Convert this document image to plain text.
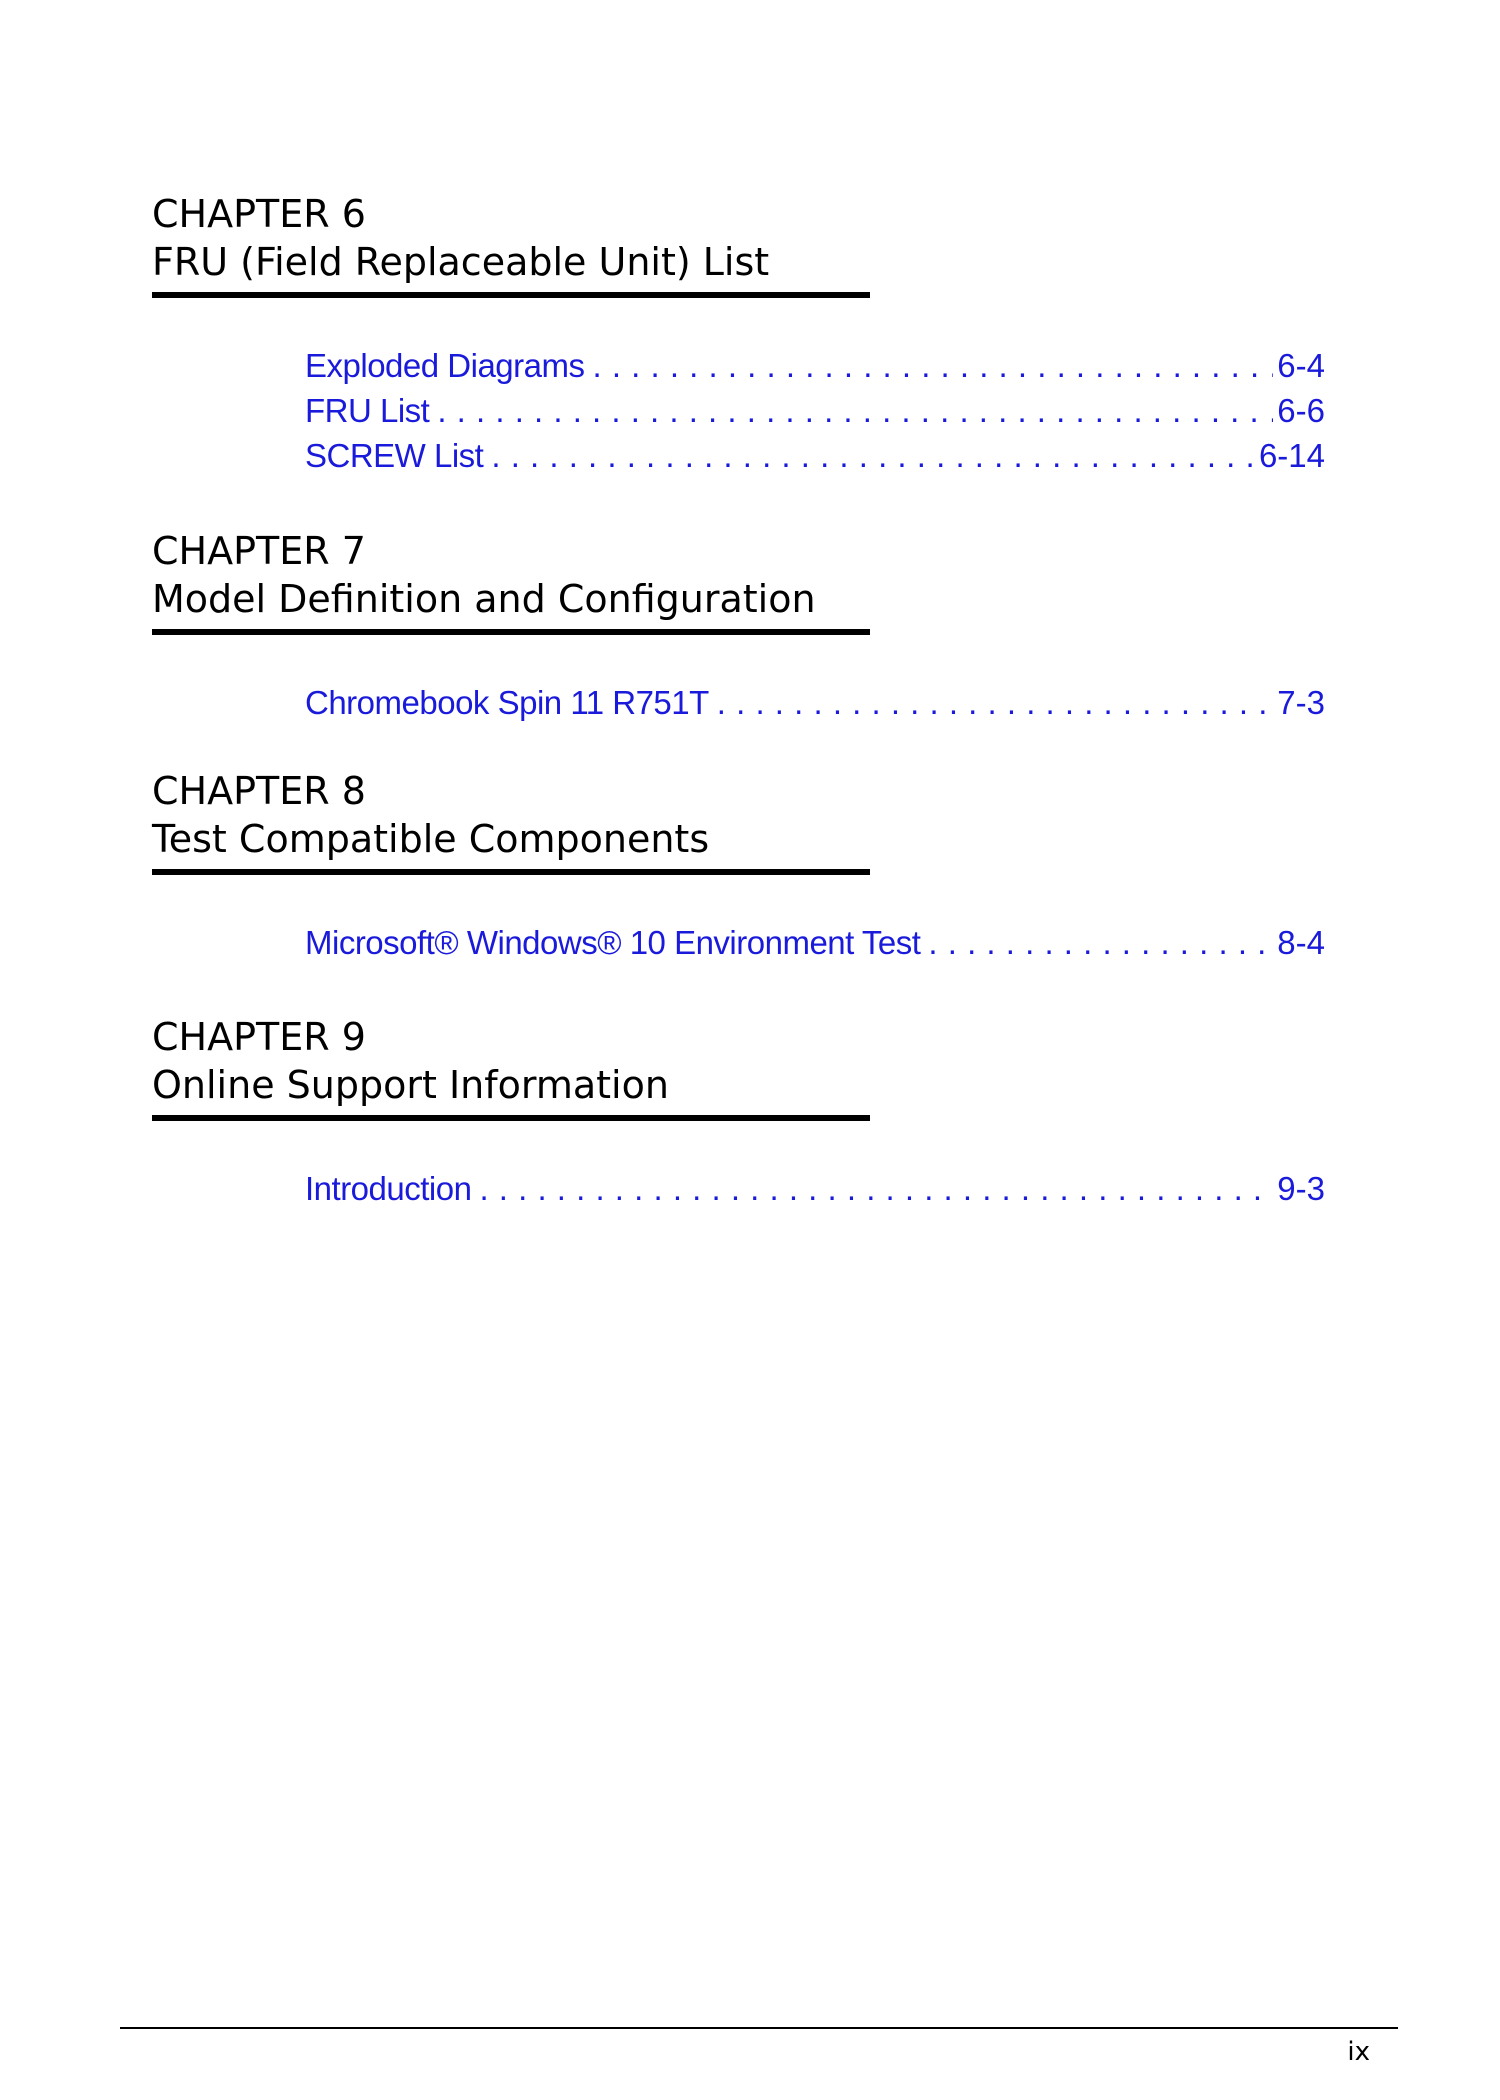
CHAPTER 6
FRU (Field Replaceable Unit) List
Exploded Diagrams . . .	6-4
FRU List . . .	6-6
SCREW List . . .	6-14
CHAPTER 7
Model Definition and Configuration
Chromebook Spin 11 R751T . . .	7-3
CHAPTER 8
Test Compatible Components
Microsoft® Windows® 10 Environment Test . . .	8-4
CHAPTER 9
Online Support Information
Introduction . . .	9-3
ix
